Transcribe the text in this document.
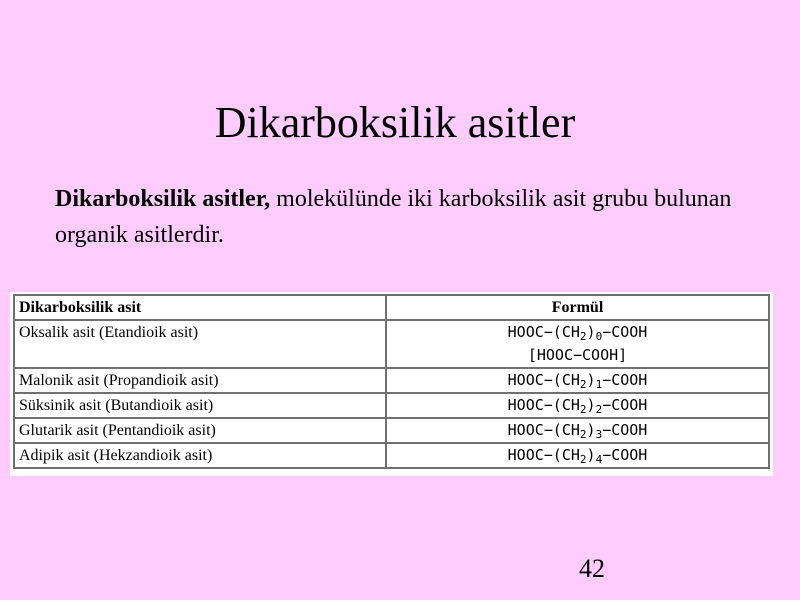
Dikarboksilik asitler

Dikarboksilik asitler, molekülünde iki karboksilik asit grubu bulunan organik asitlerdir.

Dikarboksilik asit	Formül
Oksalik asit (Etandioik asit)	$HOOC-(CH_2)_0-COOH$
[HOOC−COOH]
Malonik asit (Propandioik asit)	$HOOC-(CH_2)_1-COOH$
Süksinik asit (Butandioik asit)	$HOOC-(CH_2)_2-COOH$
Glutarik asit (Pentandioik asit)	$HOOC-(CH_2)_3-COOH$
Adipik asit (Hekzandioik asit)	$HOOC-(CH_2)_4-COOH$
42
